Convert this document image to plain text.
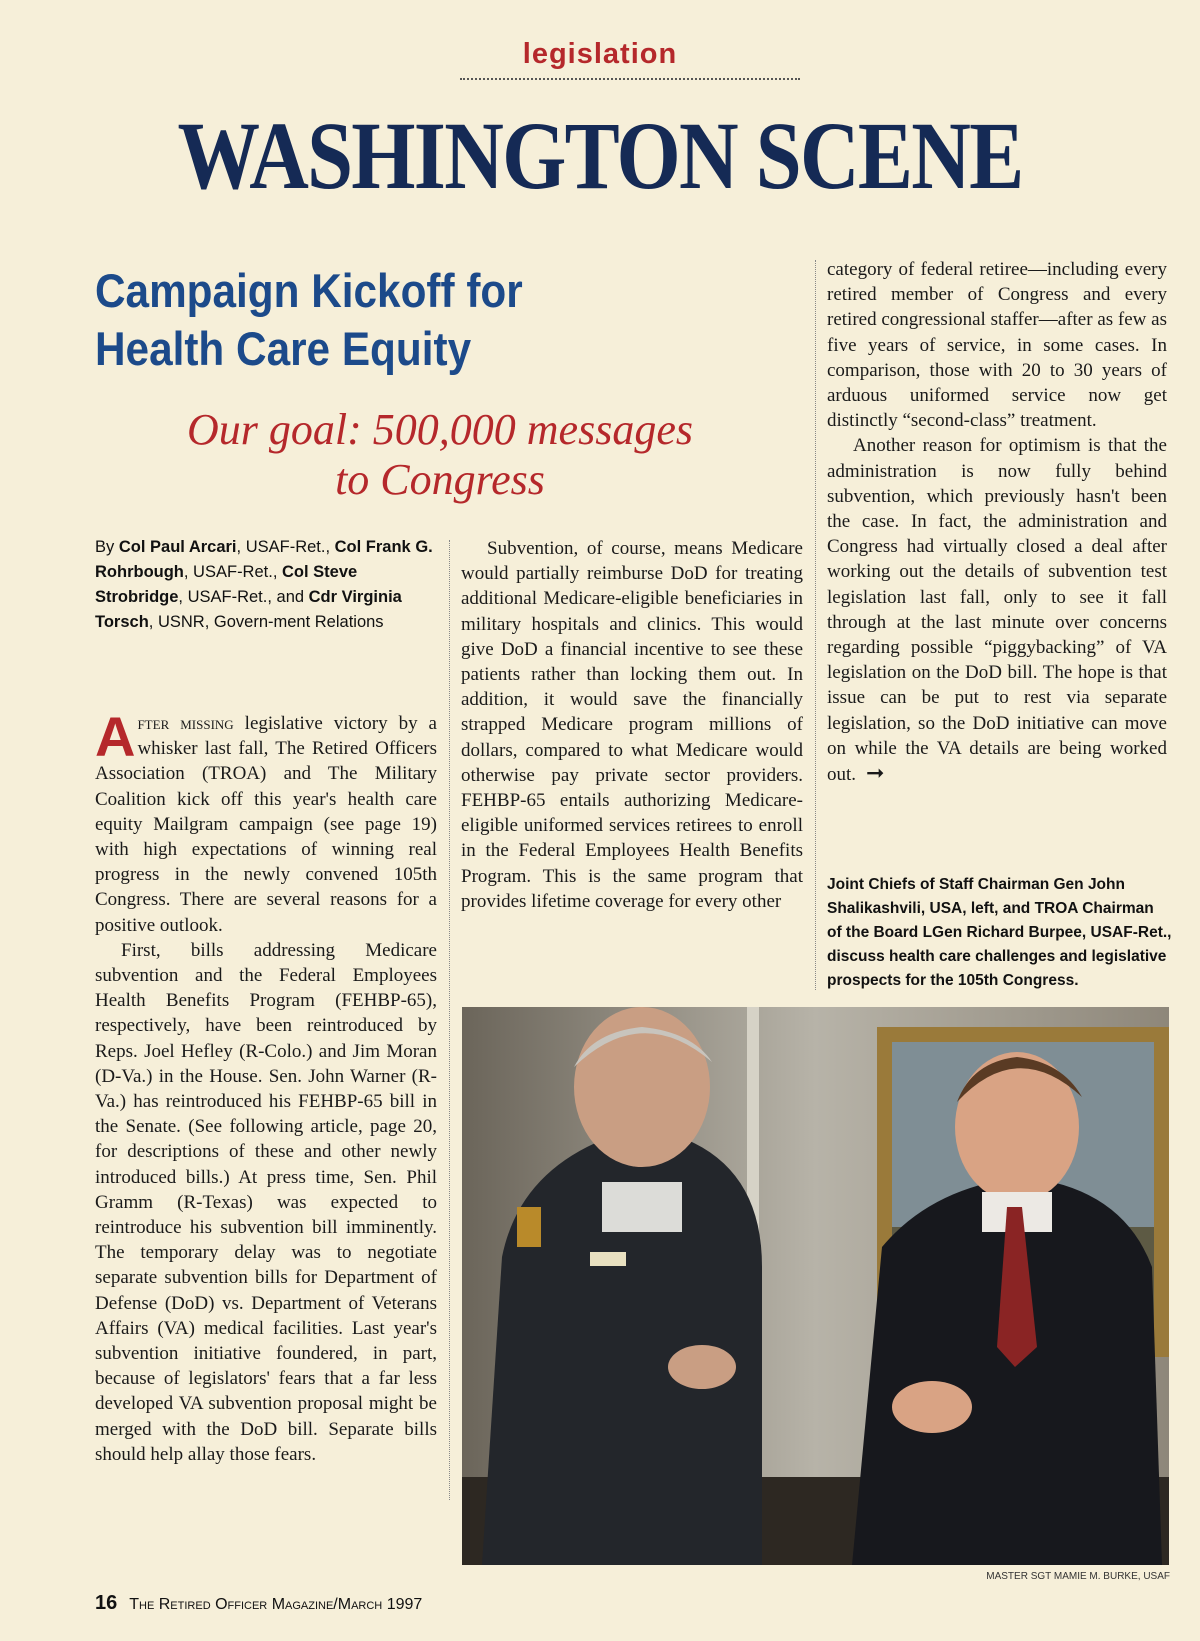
legislation
WASHINGTON SCENE
Campaign Kickoff for
Health Care Equity
Our goal: 500,000 messages
to Congress
By Col Paul Arcari, USAF-Ret., Col Frank G. Rohrbough, USAF-Ret., Col Steve Strobridge, USAF-Ret., and Cdr Virginia Torsch, USNR, Govern-ment Relations

After missing legislative victory by a whisker last fall, The Retired Officers Association (TROA) and The Military Coalition kick off this year's health care equity Mailgram campaign (see page 19) with high expectations of winning real progress in the newly convened 105th Congress. There are several reasons for a positive outlook.

First, bills addressing Medicare subvention and the Federal Employees Health Benefits Program (FEHBP-65), respectively, have been reintroduced by Reps. Joel Hefley (R-Colo.) and Jim Moran (D-Va.) in the House. Sen. John Warner (R-Va.) has reintroduced his FEHBP-65 bill in the Senate. (See following article, page 20, for descriptions of these and other newly introduced bills.) At press time, Sen. Phil Gramm (R-Texas) was expected to reintroduce his subvention bill imminently. The temporary delay was to negotiate separate subvention bills for Department of Defense (DoD) vs. Department of Veterans Affairs (VA) medical facilities. Last year's subvention initiative foundered, in part, because of legislators' fears that a far less developed VA subvention proposal might be merged with the DoD bill. Separate bills should help allay those fears.

Subvention, of course, means Medicare would partially reimburse DoD for treating additional Medicare-eligible beneficiaries in military hospitals and clinics. This would give DoD a financial incentive to see these patients rather than locking them out. In addition, it would save the financially strapped Medicare program millions of dollars, compared to what Medicare would otherwise pay private sector providers. FEHBP-65 entails authorizing Medicare-eligible uniformed services retirees to enroll in the Federal Employees Health Benefits Program. This is the same program that provides lifetime coverage for every other

category of federal retiree—including every retired member of Congress and every retired congressional staffer—after as few as five years of service, in some cases. In comparison, those with 20 to 30 years of arduous uniformed service now get distinctly “second-class” treatment.

Another reason for optimism is that the administration is now fully behind subvention, which previously hasn't been the case. In fact, the administration and Congress had virtually closed a deal after working out the details of subvention test legislation last fall, only to see it fall through at the last minute over concerns regarding possible “piggybacking” of VA legislation on the DoD bill. The hope is that issue can be put to rest via separate legislation, so the DoD initiative can move on while the VA details are being worked out. ➞

Joint Chiefs of Staff Chairman Gen John Shalikashvili, USA, left, and TROA Chairman of the Board LGen Richard Burpee, USAF-Ret., discuss health care challenges and legislative prospects for the 105th Congress.
MASTER SGT MAMIE M. BURKE, USAF
16 The Retired Officer Magazine/March 1997
